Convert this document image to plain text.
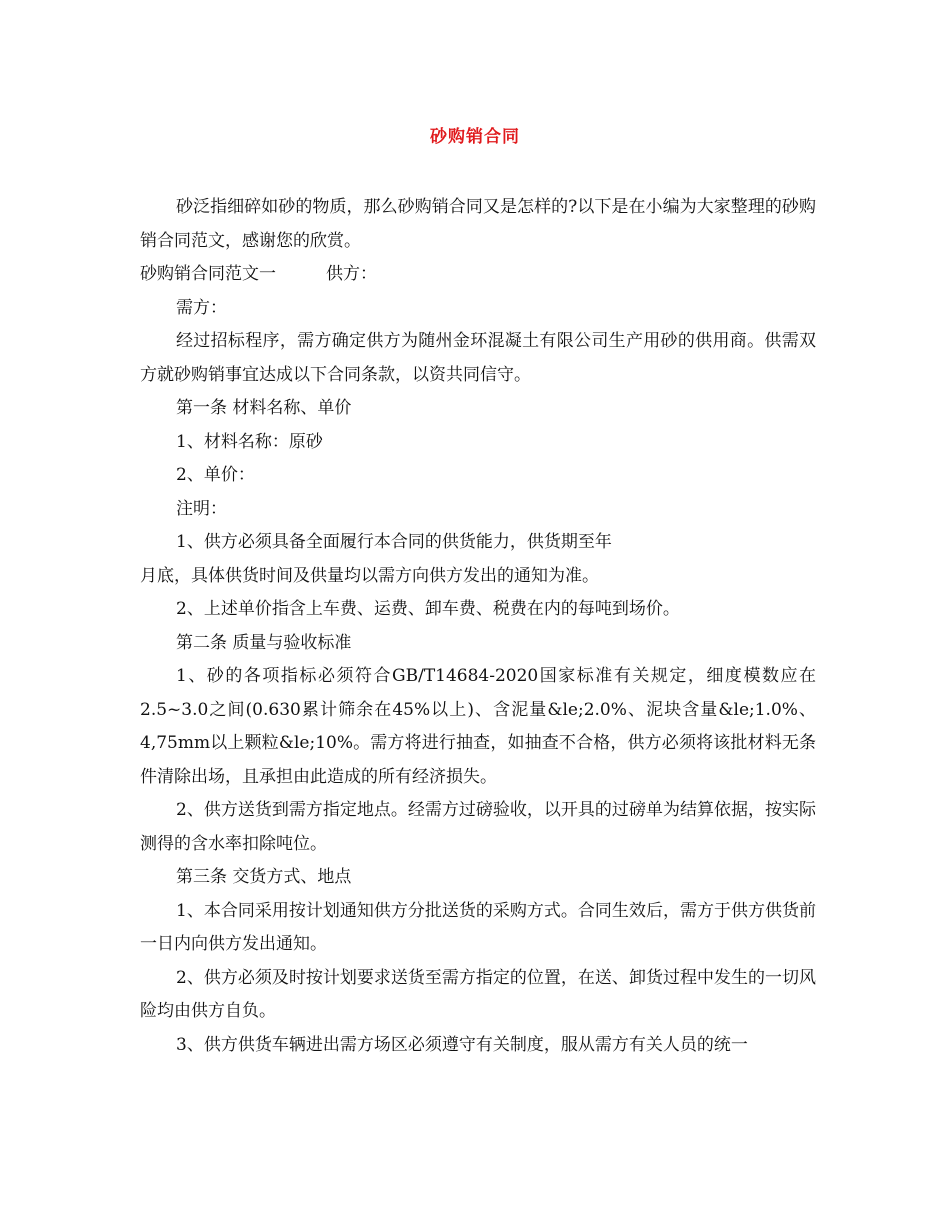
砂购销合同

砂泛指细碎如砂的物质，那么砂购销合同又是怎样的?以下是在小编为大家整理的砂购销合同范文，感谢您的欣赏。

砂购销合同范文一	供方：

需方：

经过招标程序，需方确定供方为随州金环混凝土有限公司生产用砂的供用商。供需双方就砂购销事宜达成以下合同条款，以资共同信守。

第一条 材料名称、单价

1、材料名称：原砂

2、单价：

注明：

1、供方必须具备全面履行本合同的供货能力，供货期至年

月底，具体供货时间及供量均以需方向供方发出的通知为准。

2、上述单价指含上车费、运费、卸车费、税费在内的每吨到场价。

第二条 质量与验收标准

1、砂的各项指标必须符合GB/T14684-2020国家标准有关规定，细度模数应在2.5~3.0之间(0.630累计筛余在45%以上)、含泥量&le;2.0%、泥块含量&le;1.0%、4,75mm以上颗粒&le;10%。需方将进行抽查，如抽查不合格，供方必须将该批材料无条件清除出场，且承担由此造成的所有经济损失。

2、供方送货到需方指定地点。经需方过磅验收，以开具的过磅单为结算依据，按实际测得的含水率扣除吨位。

第三条 交货方式、地点

1、本合同采用按计划通知供方分批送货的采购方式。合同生效后，需方于供方供货前一日内向供方发出通知。

2、供方必须及时按计划要求送货至需方指定的位置，在送、卸货过程中发生的一切风险均由供方自负。

3、供方供货车辆进出需方场区必须遵守有关制度，服从需方有关人员的统一
